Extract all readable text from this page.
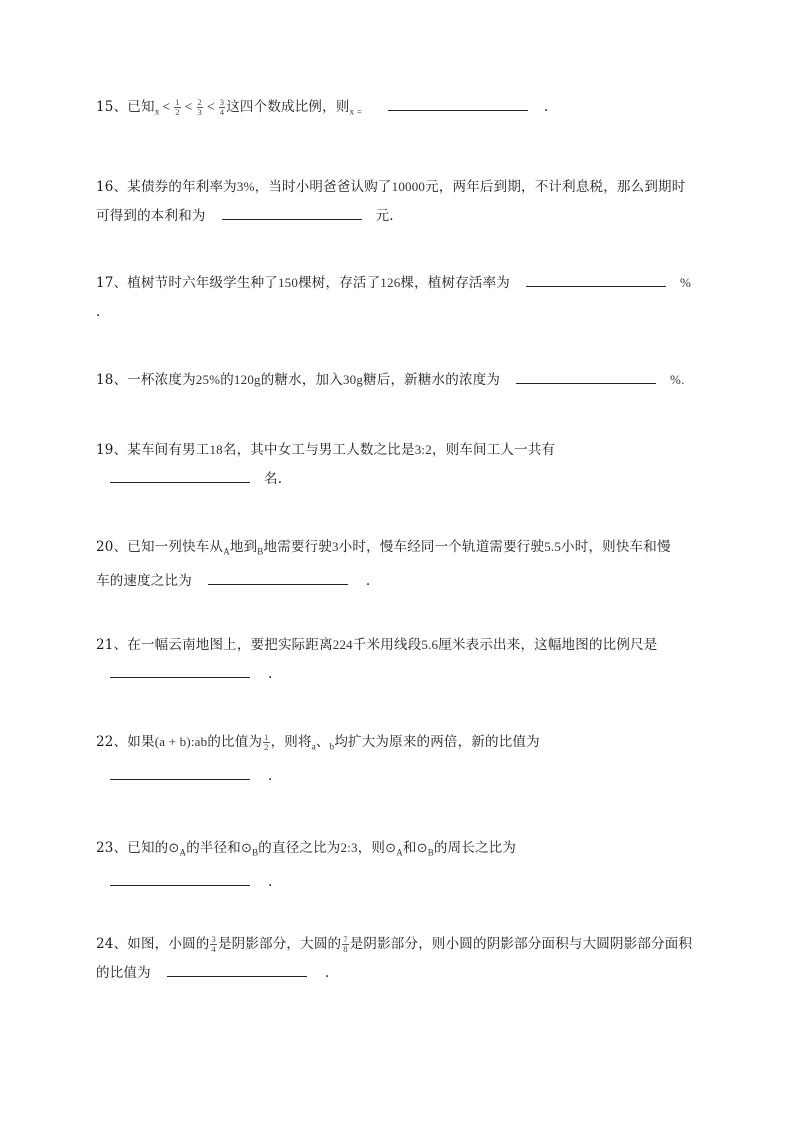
15、已知$_x < \frac{1}{2} < \frac{2}{3} < \frac{3}{4}$ 这四个数成比例，则$_{x =}$	.
16、某债券的年利率为3%，当时小明爸爸认购了10000元，两年后到期，不计利息税，那么到期时
可得到的本利和为	元.
17、植树节时六年级学生种了150棵树，存活了126棵，植树存活率为	%
.
18、一杯浓度为25%的120g的糖水，加入30g糖后，新糖水的浓度为	%.
19、某车间有男工18名，其中女工与男工人数之比是3:2，则车间工人一共有
名.
20、已知一列快车从$_A$地到$_B$地需要行驶3小时，慢车经同一个轨道需要行驶5.5小时，则快车和慢
车的速度之比为	.
21、在一幅云南地图上，要把实际距离224千米用线段5.6厘米表示出来，这幅地图的比例尺是
.
22、如果(a + b):ab的比值为 $\frac{1}{2}$ ，则将$_a$、$_b$均扩大为原来的两倍，新的比值为
.
23、已知的$⊙_A$的半径和$⊙_B$的直径之比为2:3，则$⊙_A$和$⊙_B$的周长之比为
.
24、如图，小圆的 $\frac{3}{4}$ 是阴影部分，大圆的 $\frac{7}{8}$ 是阴影部分，则小圆的阴影部分面积与大圆阴影部分面积
的比值为	.
